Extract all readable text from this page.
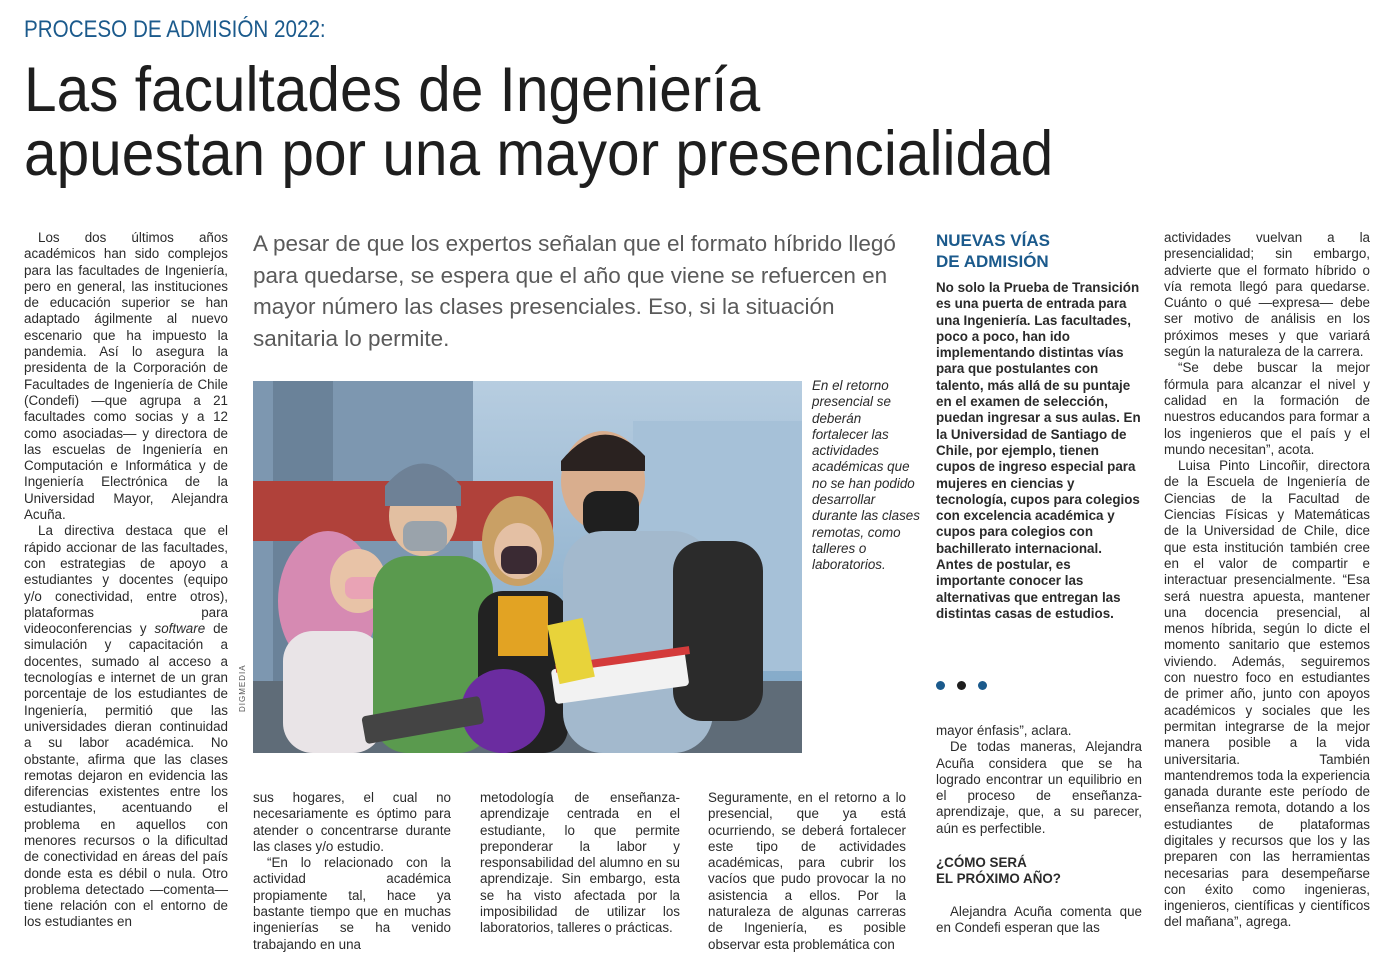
PROCESO DE ADMISIÓN 2022:
Las facultades de Ingeniería
apuestan por una mayor presencialidad

Los dos últimos años académicos han sido complejos para las facultades de Ingeniería, pero en general, las instituciones de educación superior se han adaptado ágilmente al nuevo escenario que ha impuesto la pandemia. Así lo asegura la presidenta de la Corporación de Facultades de Ingeniería de Chile (Condefi) —que agrupa a 21 facultades como socias y a 12 como asociadas— y directora de las escuelas de Ingeniería en Computación e Informática y de Ingeniería Electrónica de la Universidad Mayor, Alejandra Acuña.

La directiva destaca que el rápido accionar de las facultades, con estrategias de apoyo a estudiantes y docentes (equipo y/o conectividad, entre otros), plataformas para videoconferencias y software de simulación y capacitación a docentes, sumado al acceso a tecnologías e internet de un gran porcentaje de los estudiantes de Ingeniería, permitió que las universidades dieran continuidad a su labor académica. No obstante, afirma que las clases remotas dejaron en evidencia las diferencias existentes entre los estudiantes, acentuando el problema en aquellos con menores recursos o la dificultad de conectividad en áreas del país donde esta es débil o nula. Otro problema detectado —comenta— tiene relación con el entorno de los estudiantes en

A pesar de que los expertos señalan que el formato híbrido llegó para quedarse, se espera que el año que viene se refuercen en mayor número las clases presenciales. Eso, si la situación sanitaria lo permite.
DIGMEDIA
En el retorno presencial se deberán fortalecer las actividades académicas que no se han podido desarrollar durante las clases remotas, como talleres o laboratorios.

sus hogares, el cual no necesariamente es óptimo para atender o concentrarse durante las clases y/o estudio.

“En lo relacionado con la actividad académica propiamente tal, hace ya bastante tiempo que en muchas ingenierías se ha venido trabajando en una

metodología de enseñanza-aprendizaje centrada en el estudiante, lo que permite preponderar la labor y responsabilidad del alumno en su aprendizaje. Sin embargo, esta se ha visto afectada por la imposibilidad de utilizar los laboratorios, talleres o prácticas.

Seguramente, en el retorno a lo presencial, que ya está ocurriendo, se deberá fortalecer este tipo de actividades académicas, para cubrir los vacíos que pudo provocar la no asistencia a ellos. Por la naturaleza de algunas carreras de Ingeniería, es posible observar esta problemática con

NUEVAS VÍAS
DE ADMISIÓN
No solo la Prueba de Transición es una puerta de entrada para una Ingeniería. Las facultades, poco a poco, han ido implementando distintas vías para que postulantes con talento, más allá de su puntaje en el examen de selección, puedan ingresar a sus aulas. En la Universidad de Santiago de Chile, por ejemplo, tienen cupos de ingreso especial para mujeres en ciencias y tecnología, cupos para colegios con excelencia académica y cupos para colegios con bachillerato internacional. Antes de postular, es importante conocer las alternativas que entregan las distintas casas de estudios.

mayor énfasis”, aclara.

De todas maneras, Alejandra Acuña considera que se ha logrado encontrar un equilibrio en el proceso de enseñanza-aprendizaje, que, a su parecer, aún es perfectible.

¿CÓMO SERÁ
EL PRÓXIMO AÑO?

Alejandra Acuña comenta que en Condefi esperan que las

actividades vuelvan a la presencialidad; sin embargo, advierte que el formato híbrido o vía remota llegó para quedarse. Cuánto o qué —expresa— debe ser motivo de análisis en los próximos meses y que variará según la naturaleza de la carrera.

“Se debe buscar la mejor fórmula para alcanzar el nivel y calidad en la formación de nuestros educandos para formar a los ingenieros que el país y el mundo necesitan”, acota.

Luisa Pinto Lincoñir, directora de la Escuela de Ingeniería de Ciencias de la Facultad de Ciencias Físicas y Matemáticas de la Universidad de Chile, dice que esta institución también cree en el valor de compartir e interactuar presencialmente. “Esa será nuestra apuesta, mantener una docencia presencial, al menos híbrida, según lo dicte el momento sanitario que estemos viviendo. Además, seguiremos con nuestro foco en estudiantes de primer año, junto con apoyos académicos y sociales que les permitan integrarse de la mejor manera posible a la vida universitaria. También mantendremos toda la experiencia ganada durante este período de enseñanza remota, dotando a los estudiantes de plataformas digitales y recursos que los y las preparen con las herramientas necesarias para desempeñarse con éxito como ingenieras, ingenieros, científicas y científicos del mañana”, agrega.
